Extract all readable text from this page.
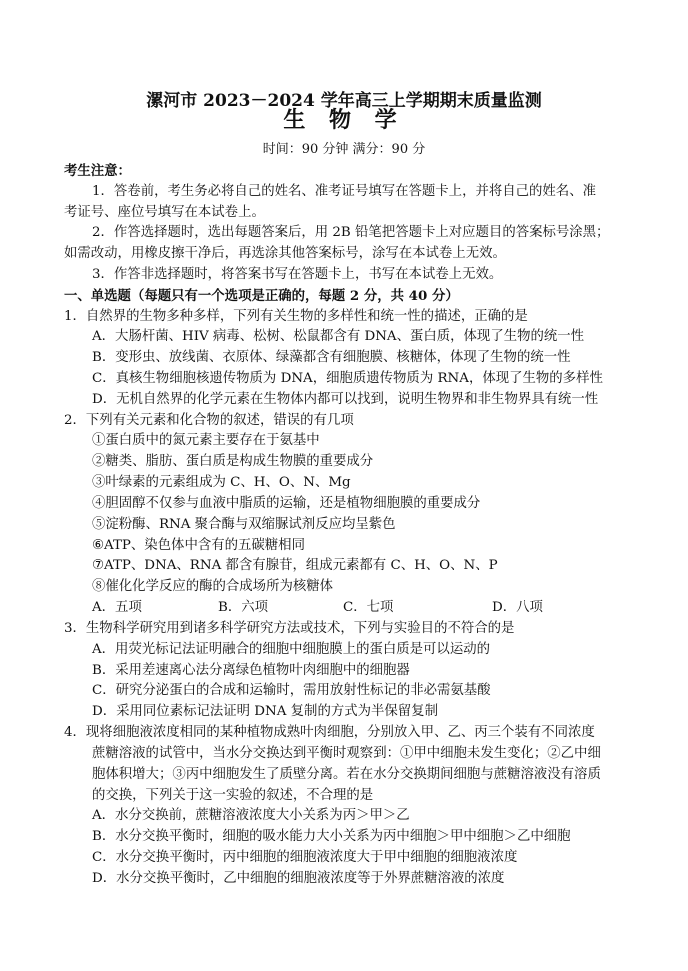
漯河市 2023－2024 学年高三上学期期末质量监测
生 物 学
时间：90 分钟 满分：90 分
考生注意：
1．答卷前，考生务必将自己的姓名、准考证号填写在答题卡上，并将自己的姓名、准
考证号、座位号填写在本试卷上。
2．作答选择题时，选出每题答案后，用 2B 铅笔把答题卡上对应题目的答案标号涂黑；
如需改动，用橡皮擦干净后，再选涂其他答案标号，涂写在本试卷上无效。
3．作答非选择题时，将答案书写在答题卡上，书写在本试卷上无效。
一、单选题（每题只有一个选项是正确的，每题 2 分，共 40 分）
1．自然界的生物多种多样，下列有关生物的多样性和统一性的描述，正确的是
A．大肠杆菌、HIV 病毒、松树、松鼠都含有 DNA、蛋白质，体现了生物的统一性
B．变形虫、放线菌、衣原体、绿藻都含有细胞膜、核糖体，体现了生物的统一性
C．真核生物细胞核遗传物质为 DNA，细胞质遗传物质为 RNA，体现了生物的多样性
D．无机自然界的化学元素在生物体内都可以找到，说明生物界和非生物界具有统一性
2．下列有关元素和化合物的叙述，错误的有几项
①蛋白质中的氮元素主要存在于氨基中
②糖类、脂肪、蛋白质是构成生物膜的重要成分
③叶绿素的元素组成为 C、H、O、N、Mg
④胆固醇不仅参与血液中脂质的运输，还是植物细胞膜的重要成分
⑤淀粉酶、RNA 聚合酶与双缩脲试剂反应均呈紫色
⑥ATP、染色体中含有的五碳糖相同
⑦ATP、DNA、RNA 都含有腺苷，组成元素都有 C、H、O、N、P
⑧催化化学反应的酶的合成场所为核糖体
A．五项	B．六项	C．七项	D．八项
3．生物科学研究用到诸多科学研究方法或技术，下列与实验目的不符合的是
A．用荧光标记法证明融合的细胞中细胞膜上的蛋白质是可以运动的
B．采用差速离心法分离绿色植物叶肉细胞中的细胞器
C．研究分泌蛋白的合成和运输时，需用放射性标记的非必需氨基酸
D．采用同位素标记法证明 DNA 复制的方式为半保留复制
4．现将细胞液浓度相同的某种植物成熟叶肉细胞，分别放入甲、乙、丙三个装有不同浓度
蔗糖溶液的试管中，当水分交换达到平衡时观察到：①甲中细胞未发生变化；②乙中细
胞体积增大；③丙中细胞发生了质壁分离。若在水分交换期间细胞与蔗糖溶液没有溶质
的交换，下列关于这一实验的叙述，不合理的是
A．水分交换前，蔗糖溶液浓度大小关系为丙＞甲＞乙
B．水分交换平衡时，细胞的吸水能力大小关系为丙中细胞＞甲中细胞＞乙中细胞
C．水分交换平衡时，丙中细胞的细胞液浓度大于甲中细胞的细胞液浓度
D．水分交换平衡时，乙中细胞的细胞液浓度等于外界蔗糖溶液的浓度
